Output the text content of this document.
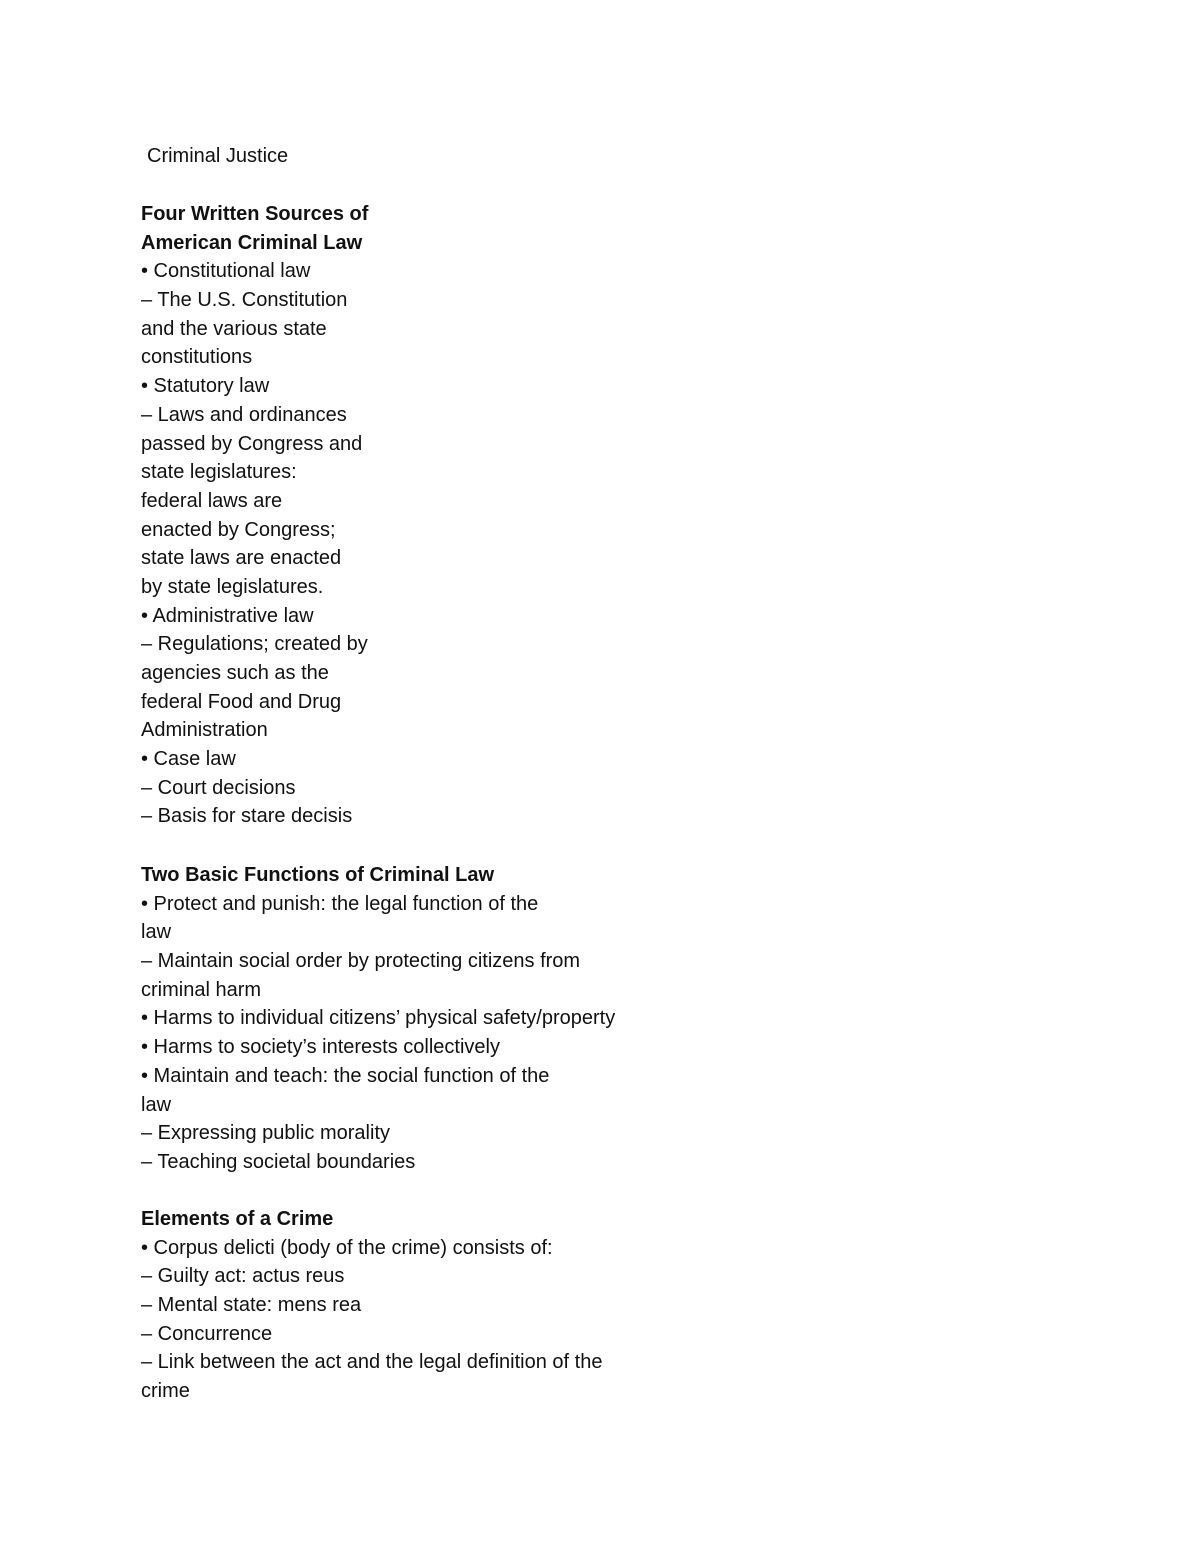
Criminal Justice
Four Written Sources of
American Criminal Law
• Constitutional law
– The U.S. Constitution
and the various state
constitutions
• Statutory law
– Laws and ordinances
passed by Congress and
state legislatures:
federal laws are
enacted by Congress;
state laws are enacted
by state legislatures.
• Administrative law
– Regulations; created by
agencies such as the
federal Food and Drug
Administration
• Case law
– Court decisions
– Basis for stare decisis
Two Basic Functions of Criminal Law
• Protect and punish: the legal function of the
law
– Maintain social order by protecting citizens from
criminal harm
• Harms to individual citizens’ physical safety/property
• Harms to society’s interests collectively
• Maintain and teach: the social function of the
law
– Expressing public morality
– Teaching societal boundaries
Elements of a Crime
• Corpus delicti (body of the crime) consists of:
– Guilty act: actus reus
– Mental state: mens rea
– Concurrence
– Link between the act and the legal definition of the
crime
